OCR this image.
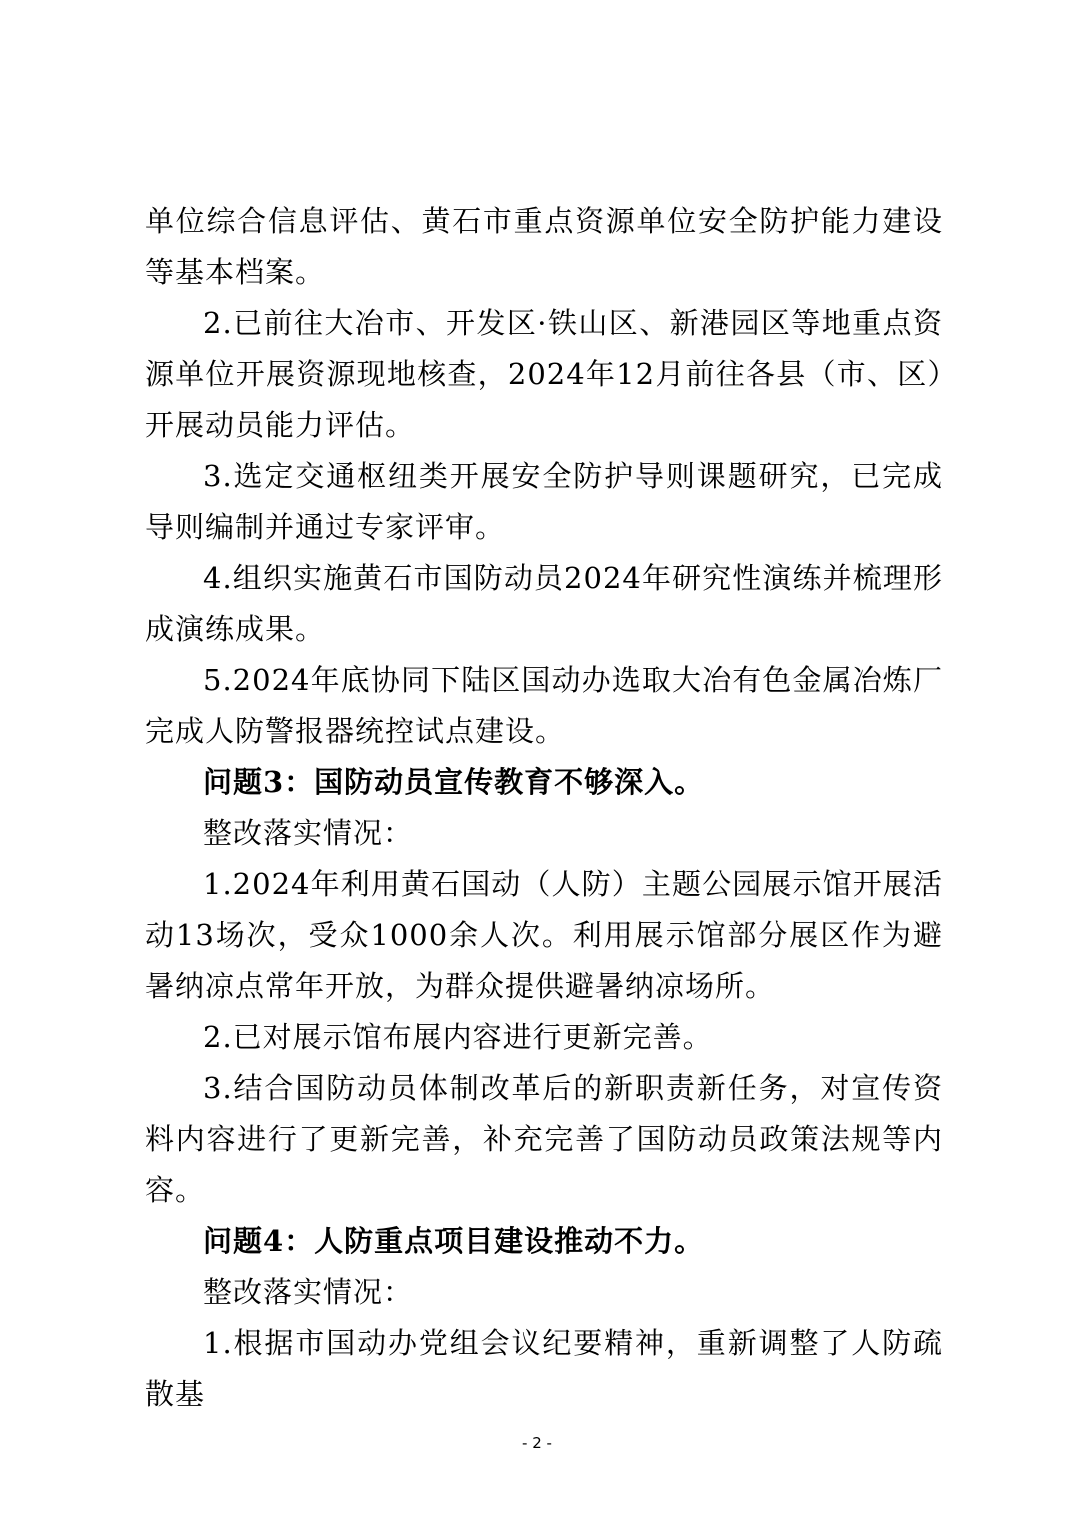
单位综合信息评估、黄石市重点资源单位安全防护能力建设等基本档案。

2.已前往大冶市、开发区·铁山区、新港园区等地重点资源单位开展资源现地核查，2024年12月前往各县（市、区）开展动员能力评估。

3.选定交通枢纽类开展安全防护导则课题研究，已完成导则编制并通过专家评审。

4.组织实施黄石市国防动员2024年研究性演练并梳理形成演练成果。

5.2024年底协同下陆区国动办选取大冶有色金属冶炼厂完成人防警报器统控试点建设。

问题3：国防动员宣传教育不够深入。

整改落实情况：

1.2024年利用黄石国动（人防）主题公园展示馆开展活动13场次，受众1000余人次。利用展示馆部分展区作为避暑纳凉点常年开放，为群众提供避暑纳凉场所。

2.已对展示馆布展内容进行更新完善。

3.结合国防动员体制改革后的新职责新任务，对宣传资料内容进行了更新完善，补充完善了国防动员政策法规等内容。

问题4：人防重点项目建设推动不力。

整改落实情况：

1.根据市国动办党组会议纪要精神，重新调整了人防疏散基

- 2 -
